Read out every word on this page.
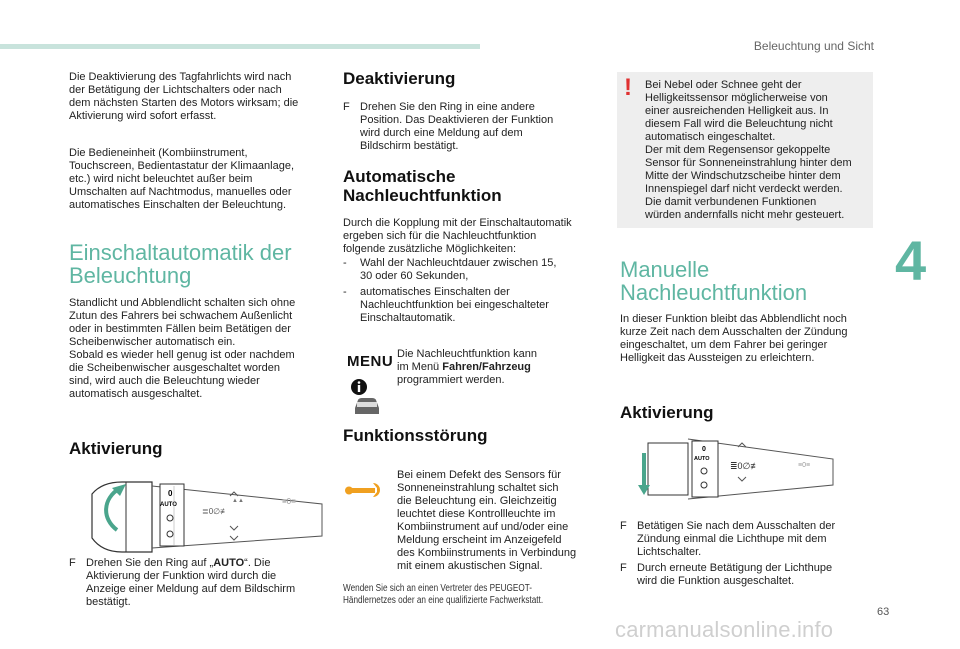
Beleuchtung und Sicht
4

Die Deaktivierung des Tagfahrlichts wird nach
der Betätigung der Lichtschalters oder nach
dem nächsten Starten des Motors wirksam; die
Aktivierung wird sofort erfasst.

Die Bedieneinheit (Kombiinstrument,
Touchscreen, Bedientastatur der Klimaanlage,
etc.) wird nicht beleuchtet außer beim
Umschalten auf Nachtmodus, manuelles oder
automatisches Einschalten der Beleuchtung.

Einschaltautomatik der
Beleuchtung

Standlicht und Abblendlicht schalten sich ohne
Zutun des Fahrers bei schwachem Außenlicht
oder in bestimmten Fällen beim Betätigen der
Scheibenwischer automatisch ein.
Sobald es wieder hell genug ist oder nachdem
die Scheibenwischer ausgeschaltet worden
sind, wird auch die Beleuchtung wieder
automatisch ausgeschaltet.

Aktivierung
0
AUTO
≣0∅≢
▲▲	≡0≡
F Drehen Sie den Ring auf „AUTO“. Die
Aktivierung der Funktion wird durch die
Anzeige einer Meldung auf dem Bildschirm
bestätigt.
Deaktivierung
F Drehen Sie den Ring in eine andere
Position. Das Deaktivieren der Funktion
wird durch eine Meldung auf dem
Bildschirm bestätigt.
Automatische
Nachleuchtfunktion

Durch die Kopplung mit der Einschaltautomatik
ergeben sich für die Nachleuchtfunktion
folgende zusätzliche Möglichkeiten:

-	Wahl der Nachleuchtdauer zwischen 15,
30 oder 60 Sekunden,
-	automatisches Einschalten der
Nachleuchtfunktion bei eingeschalteter
Einschaltautomatik.
MENU Die Nachleuchtfunktion kann
im Menü Fahren/Fahrzeug
programmiert werden.

Funktionsstörung

Bei einem Defekt des Sensors für
Sonneneinstrahlung schaltet sich
die Beleuchtung ein. Gleichzeitig
leuchtet diese Kontrollleuchte im
Kombiinstrument auf und/oder eine
Meldung erscheint im Anzeigefeld
des Kombiinstruments in Verbindung
mit einem akustischen Signal.

Wenden Sie sich an einen Vertreter des PEUGEOT-
Händlernetzes oder an eine qualifizierte Fachwerkstatt.

! Bei Nebel oder Schnee geht der
Helligkeitssensor möglicherweise von
einer ausreichenden Helligkeit aus. In
diesem Fall wird die Beleuchtung nicht
automatisch eingeschaltet.
Der mit dem Regensensor gekoppelte
Sensor für Sonneneinstrahlung hinter dem
Mitte der Windschutzscheibe hinter dem
Innenspiegel darf nicht verdeckt werden.
Die damit verbundenen Funktionen
würden andernfalls nicht mehr gesteuert.

Manuelle
Nachleuchtfunktion

In dieser Funktion bleibt das Abblendlicht noch
kurze Zeit nach dem Ausschalten der Zündung
eingeschaltet, um dem Fahrer bei geringer
Helligkeit das Aussteigen zu erleichtern.

Aktivierung
0
AUTO
≣0∅≢	≡0≡
F Betätigen Sie nach dem Ausschalten der
Zündung einmal die Lichthupe mit dem
Lichtschalter.
F Durch erneute Betätigung der Lichthupe
wird die Funktion ausgeschaltet.
63
carmanualsonline.info
